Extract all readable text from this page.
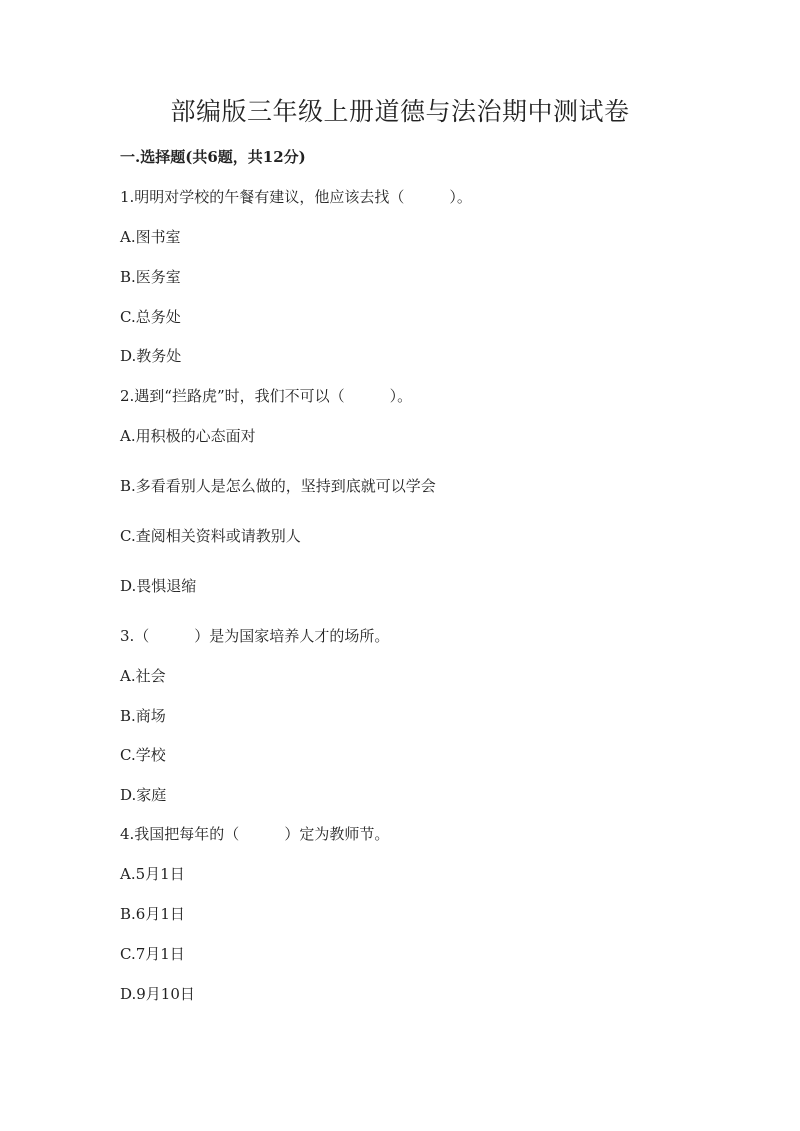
部编版三年级上册道德与法治期中测试卷
一.选择题(共6题，共12分)
1.明明对学校的午餐有建议，他应该去找（　　　）。
A.图书室
B.医务室
C.总务处
D.教务处
2.遇到“拦路虎”时，我们不可以（　　　）。
A.用积极的心态面对
B.多看看别人是怎么做的，坚持到底就可以学会
C.查阅相关资料或请教别人
D.畏惧退缩
3.（　　　）是为国家培养人才的场所。
A.社会
B.商场
C.学校
D.家庭
4.我国把每年的（　　　）定为教师节。
A.5月1日
B.6月1日
C.7月1日
D.9月10日
